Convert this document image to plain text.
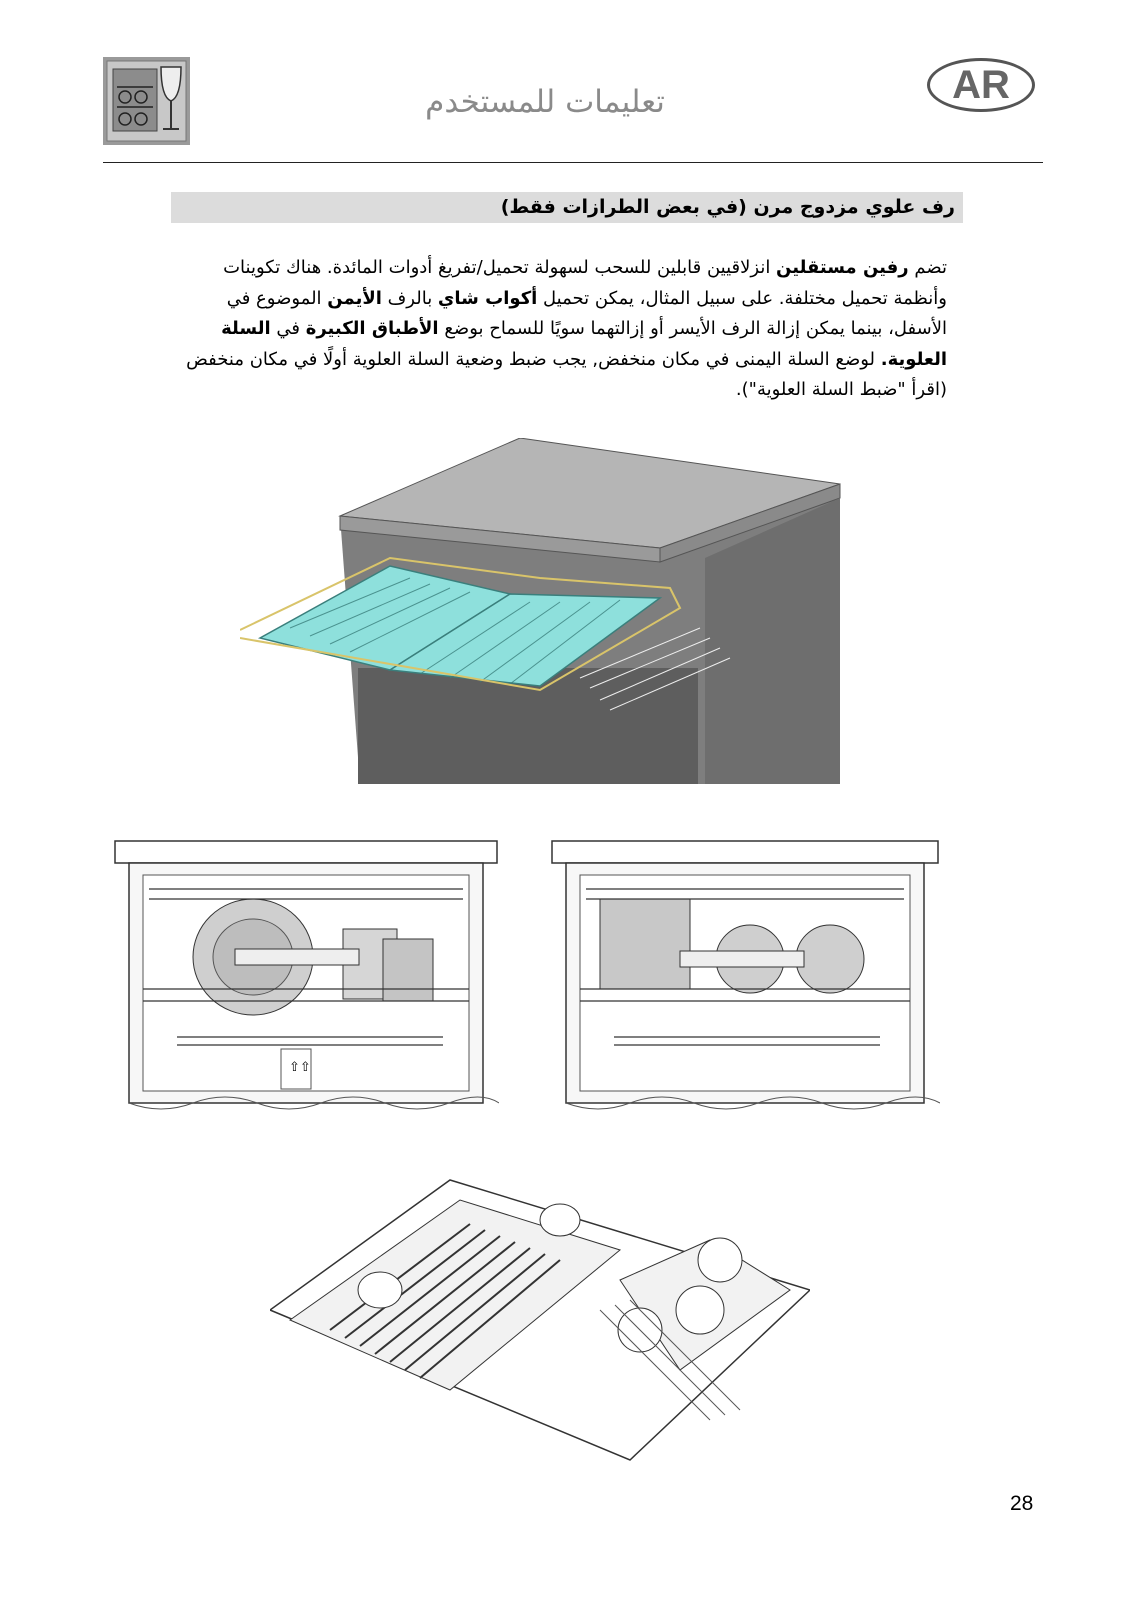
تعليمات للمستخدم	AR
رف علوي مزدوج مرن (في بعض الطرازات فقط)
تضم رفين مستقلين انزلاقيين قابلين للسحب لسهولة تحميل/تفريغ أدوات المائدة. هناك تكوينات وأنظمة تحميل مختلفة. على سبيل المثال، يمكن تحميل أكواب شاي بالرف الأيمن الموضوع في الأسفل، بينما يمكن إزالة الرف الأيسر أو إزالتهما سويًا للسماح بوضع الأطباق الكبيرة في السلة العلوية. لوضع السلة اليمنى في مكان منخفض, يجب ضبط وضعية السلة العلوية أولًا في مكان منخفض (اقرأ "ضبط السلة العلوية").
⇧⇧
28
